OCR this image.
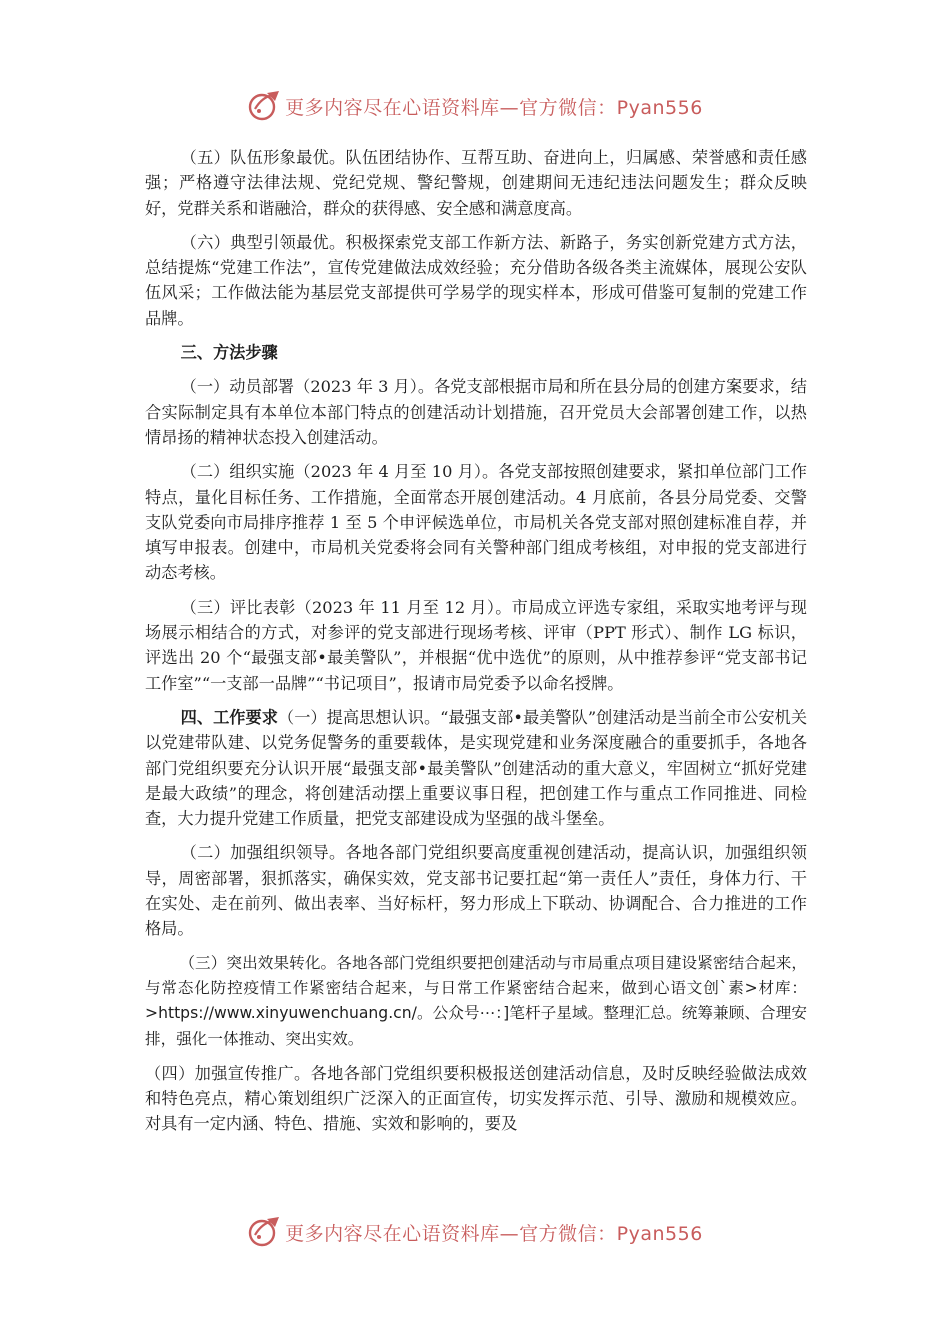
更多内容尽在心语资料库—官方微信：Pyan556

（五）队伍形象最优。队伍团结协作、互帮互助、奋进向上，归属感、荣誉感和责任感强；严格遵守法律法规、党纪党规、警纪警规，创建期间无违纪违法问题发生；群众反映好，党群关系和谐融洽，群众的获得感、安全感和满意度高。

（六）典型引领最优。积极探索党支部工作新方法、新路子，务实创新党建方式方法，总结提炼“党建工作法”，宣传党建做法成效经验；充分借助各级各类主流媒体，展现公安队伍风采；工作做法能为基层党支部提供可学易学的现实样本，形成可借鉴可复制的党建工作品牌。

三、方法步骤

（一）动员部署（2023 年 3 月）。各党支部根据市局和所在县分局的创建方案要求，结合实际制定具有本单位本部门特点的创建活动计划措施，召开党员大会部署创建工作，以热情昂扬的精神状态投入创建活动。

（二）组织实施（2023 年 4 月至 10 月）。各党支部按照创建要求，紧扣单位部门工作特点，量化目标任务、工作措施，全面常态开展创建活动。4 月底前，各县分局党委、交警支队党委向市局排序推荐 1 至 5 个申评候选单位，市局机关各党支部对照创建标准自荐，并填写申报表。创建中，市局机关党委将会同有关警种部门组成考核组，对申报的党支部进行动态考核。

（三）评比表彰（2023 年 11 月至 12 月）。市局成立评选专家组，采取实地考评与现场展示相结合的方式，对参评的党支部进行现场考核、评审（PPT 形式）、制作 LG 标识，评选出 20 个“最强支部•最美警队”，并根据“优中选优”的原则，从中推荐参评“党支部书记工作室”“一支部一品牌”“书记项目”，报请市局党委予以命名授牌。

四、工作要求（一）提高思想认识。“最强支部•最美警队”创建活动是当前全市公安机关以党建带队建、以党务促警务的重要载体，是实现党建和业务深度融合的重要抓手，各地各部门党组织要充分认识开展“最强支部•最美警队”创建活动的重大意义，牢固树立“抓好党建是最大政绩”的理念，将创建活动摆上重要议事日程，把创建工作与重点工作同推进、同检查，大力提升党建工作质量，把党支部建设成为坚强的战斗堡垒。

（二）加强组织领导。各地各部门党组织要高度重视创建活动，提高认识，加强组织领导，周密部署，狠抓落实，确保实效，党支部书记要扛起“第一责任人”责任，身体力行、干在实处、走在前列、做出表率、当好标杆，努力形成上下联动、协调配合、合力推进的工作格局。

（三）突出效果转化。各地各部门党组织要把创建活动与市局重点项目建设紧密结合起来，与常态化防控疫情工作紧密结合起来，与日常工作紧密结合起来，做到心语文创`素>材库：>https://www.xinyuwenchuang.cn/。公众号⋯：]笔杆子星域。整理汇总。统筹兼顾、合理安排，强化一体推动、突出实效。

（四）加强宣传推广。各地各部门党组织要积极报送创建活动信息，及时反映经验做法成效和特色亮点，精心策划组织广泛深入的正面宣传，切实发挥示范、引导、激励和规模效应。对具有一定内涵、特色、措施、实效和影响的，要及

更多内容尽在心语资料库—官方微信：Pyan556
